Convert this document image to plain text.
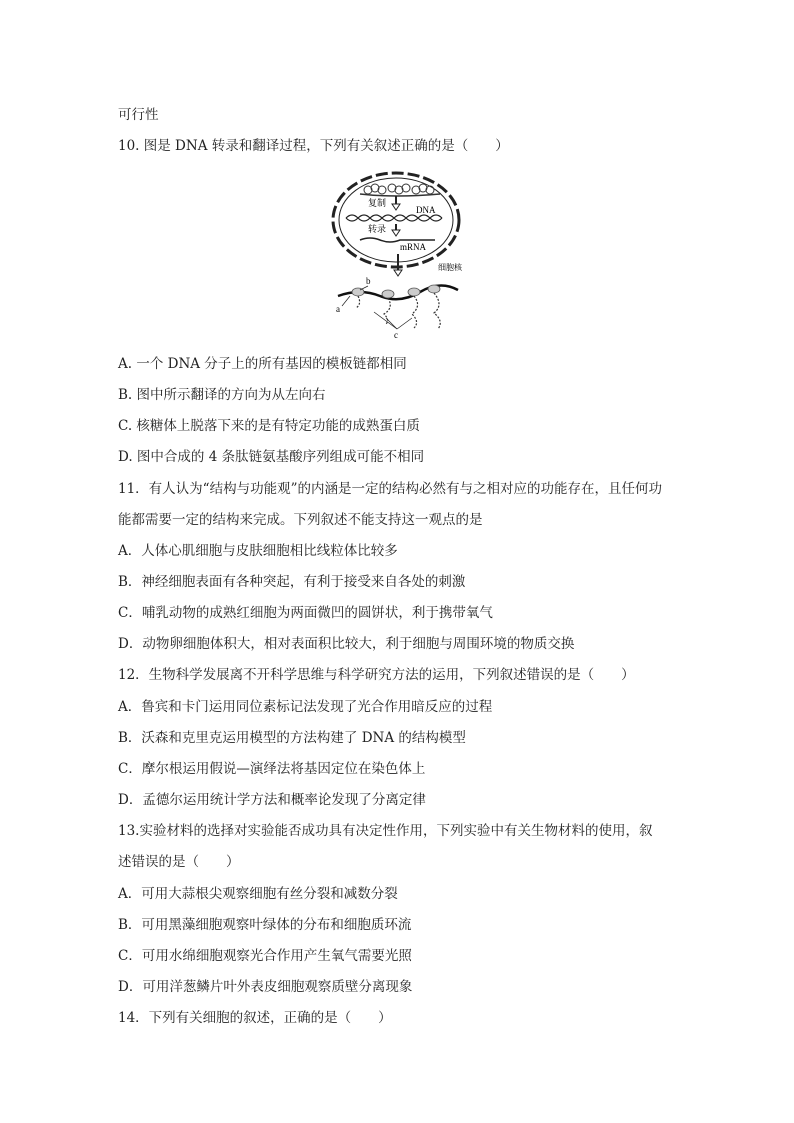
可行性
10. 图是 DNA 转录和翻译过程，下列有关叙述正确的是（　　）
复制
DNA
转录
mRNA
细胞核
a
b
c
A. 一个 DNA 分子上的所有基因的模板链都相同
B. 图中所示翻译的方向为从左向右
C. 核糖体上脱落下来的是有特定功能的成熟蛋白质
D. 图中合成的 4 条肽链氨基酸序列组成可能不相同
11．有人认为“结构与功能观”的内涵是一定的结构必然有与之相对应的功能存在，且任何功
能都需要一定的结构来完成。下列叙述不能支持这一观点的是
A．人体心肌细胞与皮肤细胞相比线粒体比较多
B．神经细胞表面有各种突起，有利于接受来自各处的刺激
C．哺乳动物的成熟红细胞为两面微凹的圆饼状，利于携带氧气
D．动物卵细胞体积大，相对表面积比较大，利于细胞与周围环境的物质交换
12．生物科学发展离不开科学思维与科学研究方法的运用，下列叙述错误的是（　　）
A．鲁宾和卡门运用同位素标记法发现了光合作用暗反应的过程
B．沃森和克里克运用模型的方法构建了 DNA 的结构模型
C．摩尔根运用假说—演绎法将基因定位在染色体上
D．孟德尔运用统计学方法和概率论发现了分离定律
13.实验材料的选择对实验能否成功具有决定性作用，下列实验中有关生物材料的使用，叙
述错误的是（　　）
A．可用大蒜根尖观察细胞有丝分裂和减数分裂
B．可用黑藻细胞观察叶绿体的分布和细胞质环流
C．可用水绵细胞观察光合作用产生氧气需要光照
D．可用洋葱鳞片叶外表皮细胞观察质壁分离现象
14．下列有关细胞的叙述，正确的是（　　）
